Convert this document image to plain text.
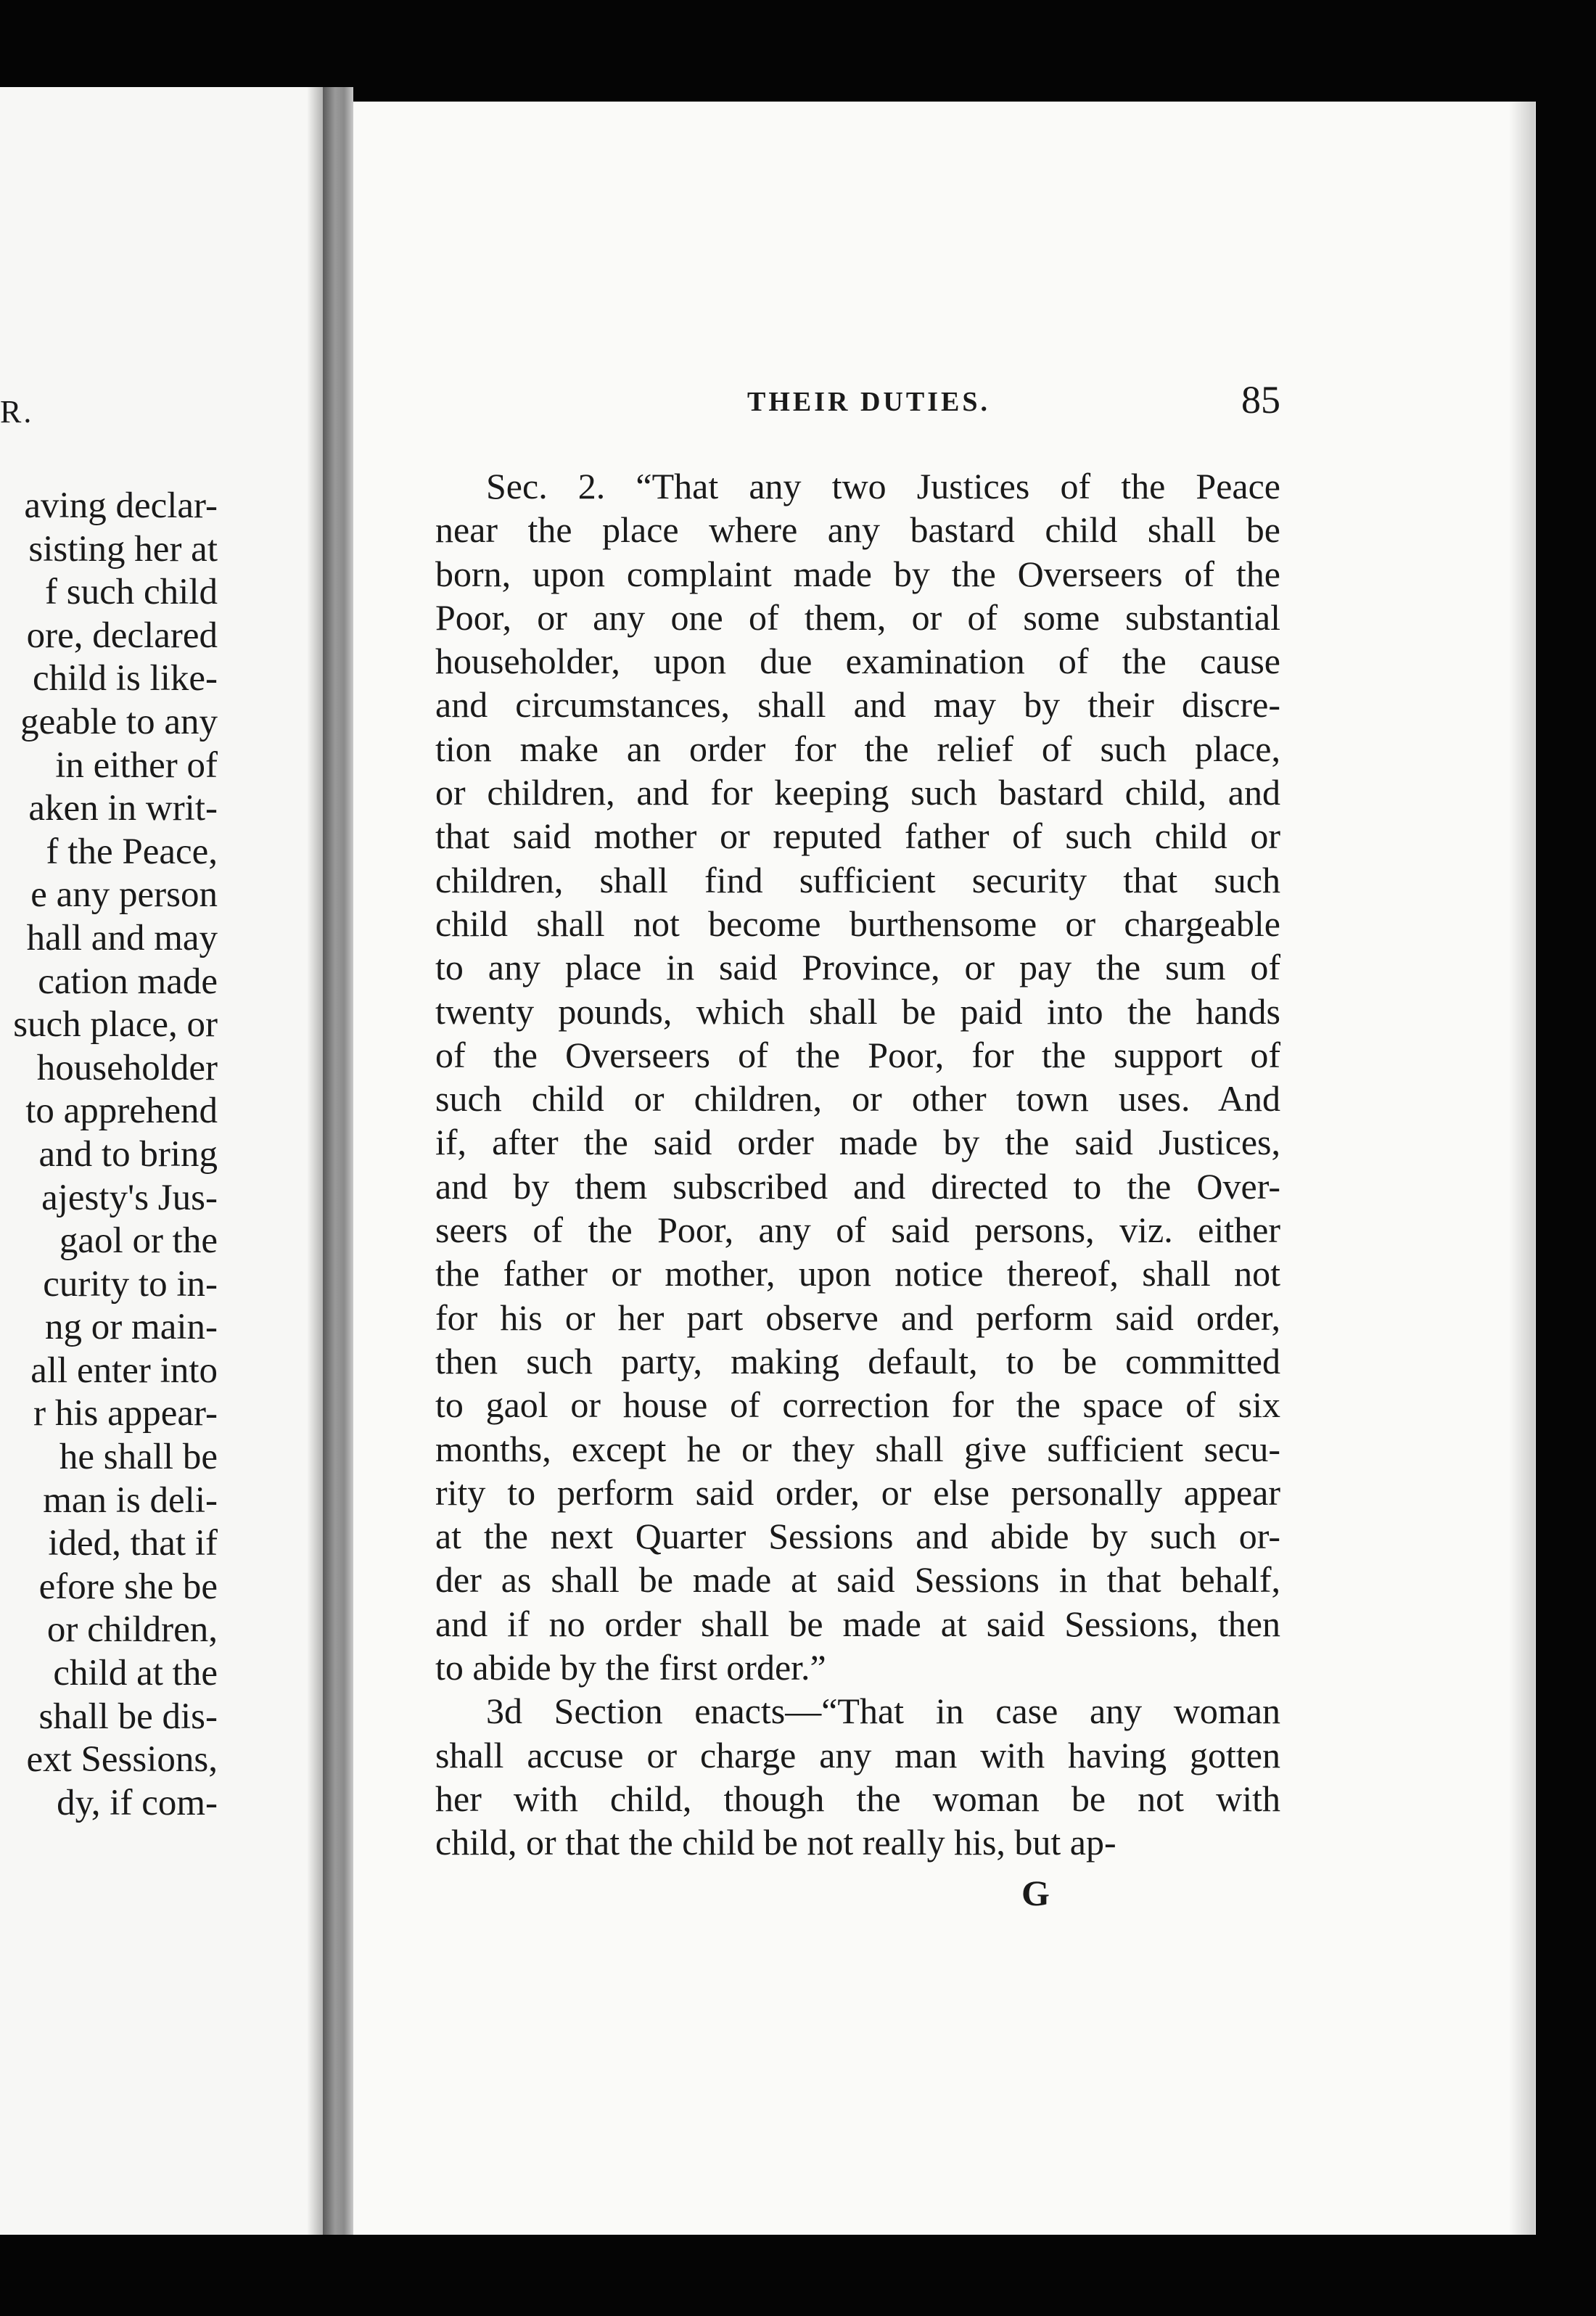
R.
aving declar-
sisting her at
f such child
ore, declared
child is like-
geable to any
in either of
aken in writ-
f the Peace,
e any person
hall and may
cation made
such place, or
householder
to apprehend
and to bring
ajesty's Jus-
gaol or the
curity to in-
ng or main-
all enter into
r his appear-
he shall be
man is deli-
ided, that if
efore she be
or children,
child at the
shall be dis-
ext Sessions,
dy, if com-
THEIR DUTIES.	85
Sec. 2. “That any two Justices of the Peace
near the place where any bastard child shall be
born, upon complaint made by the Overseers of the
Poor, or any one of them, or of some substantial
householder, upon due examination of the cause
and circumstances, shall and may by their discre-
tion make an order for the relief of such place,
or children, and for keeping such bastard child, and
that said mother or reputed father of such child or
children, shall find sufficient security that such
child shall not become burthensome or chargeable
to any place in said Province, or pay the sum of
twenty pounds, which shall be paid into the hands
of the Overseers of the Poor, for the support of
such child or children, or other town uses. And
if, after the said order made by the said Justices,
and by them subscribed and directed to the Over-
seers of the Poor, any of said persons, viz. either
the father or mother, upon notice thereof, shall not
for his or her part observe and perform said order,
then such party, making default, to be committed
to gaol or house of correction for the space of six
months, except he or they shall give sufficient secu-
rity to perform said order, or else personally appear
at the next Quarter Sessions and abide by such or-
der as shall be made at said Sessions in that behalf,
and if no order shall be made at said Sessions, then
to abide by the first order.”
3d Section enacts—“That in case any woman
shall accuse or charge any man with having gotten
her with child, though the woman be not with
child, or that the child be not really his, but ap-
G
